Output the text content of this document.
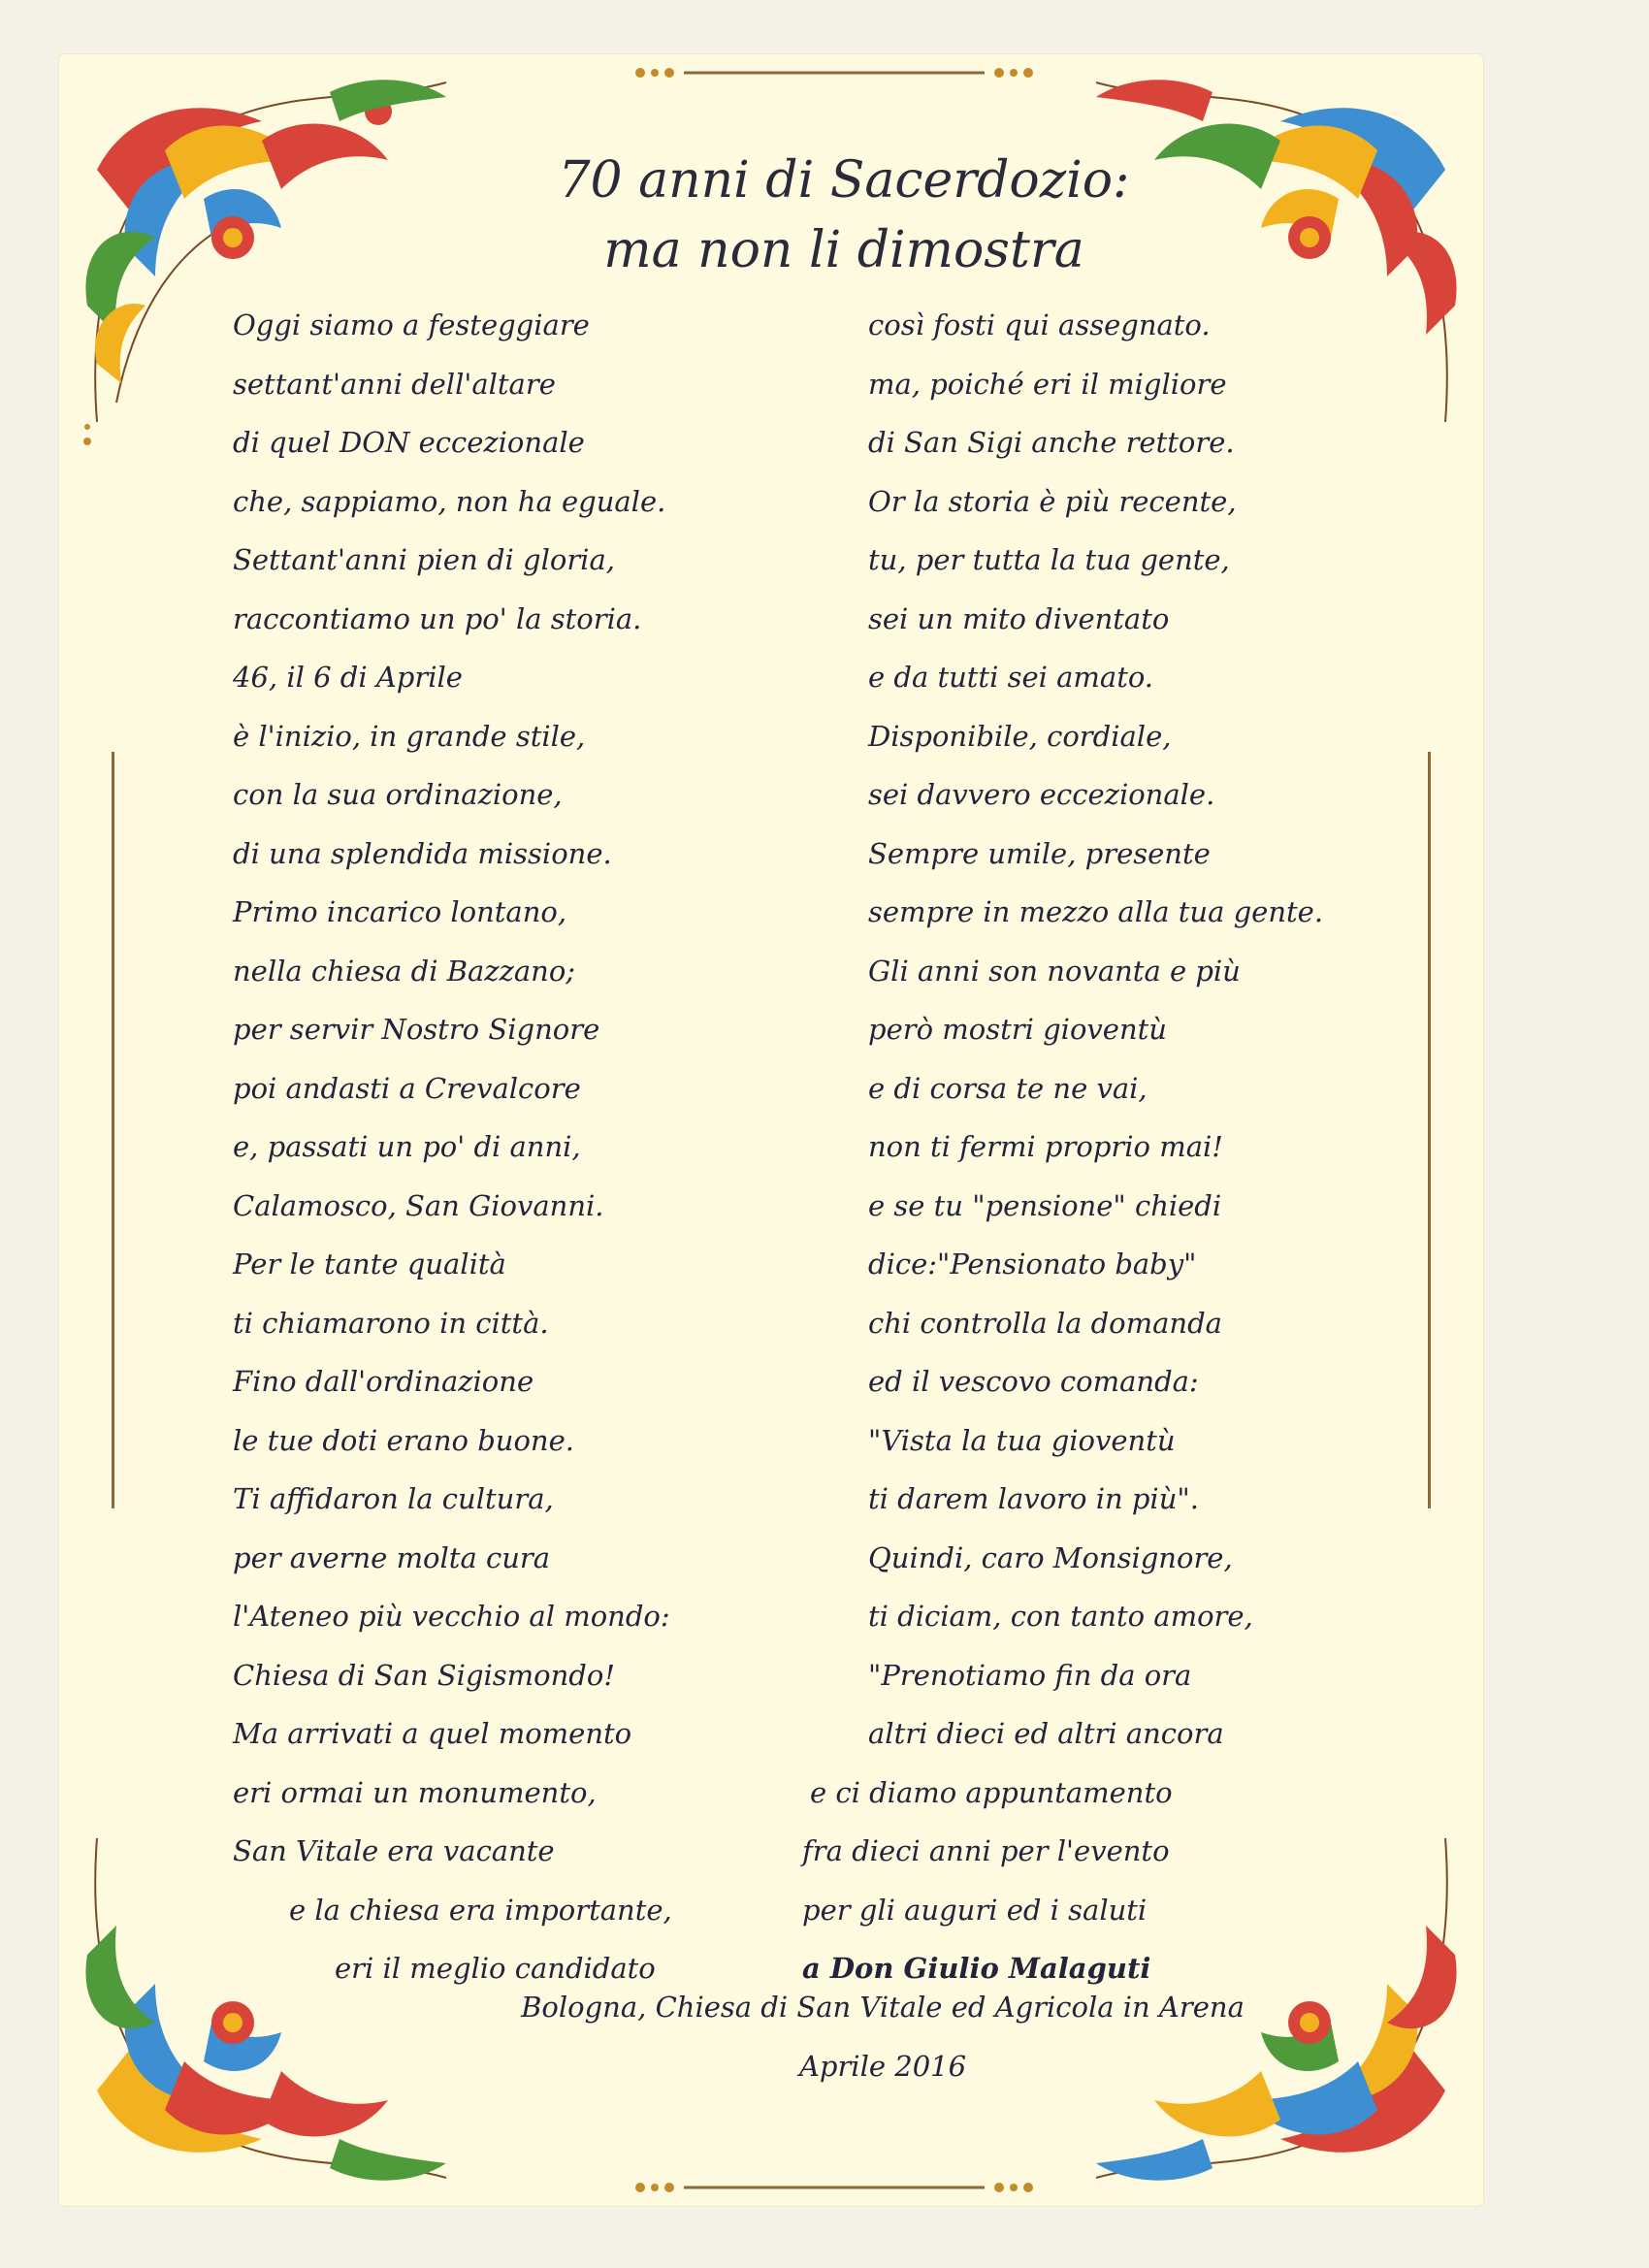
70 anni di Sacerdozio:
ma non li dimostra
Oggi siamo a festeggiare
settant'anni dell'altare
di quel DON eccezionale
che, sappiamo, non ha eguale.
Settant'anni pien di gloria,
raccontiamo un po' la storia.
46, il 6 di Aprile
è l'inizio, in grande stile,
con la sua ordinazione,
di una splendida missione.
Primo incarico lontano,
nella chiesa di Bazzano;
per servir Nostro Signore
poi andasti a Crevalcore
e, passati un po' di anni,
Calamosco, San Giovanni.
Per le tante qualità
ti chiamarono in città.
Fino dall'ordinazione
le tue doti erano buone.
Ti affidaron la cultura,
per averne molta cura
l'Ateneo più vecchio al mondo:
Chiesa di San Sigismondo!
Ma arrivati a quel momento
eri ormai un monumento,
San Vitale era vacante
e la chiesa era importante,
eri il meglio candidato
così fosti qui assegnato.
ma, poiché eri il migliore
di San Sigi anche rettore.
Or la storia è più recente,
tu, per tutta la tua gente,
sei un mito diventato
e da tutti sei amato.
Disponibile, cordiale,
sei davvero eccezionale.
Sempre umile, presente
sempre in mezzo alla tua gente.
Gli anni son novanta e più
però mostri gioventù
e di corsa te ne vai,
non ti fermi proprio mai!
e se tu "pensione" chiedi
dice:"Pensionato baby"
chi controlla la domanda
ed il vescovo comanda:
"Vista la tua gioventù
ti darem lavoro in più".
Quindi, caro Monsignore,
ti diciam, con tanto amore,
"Prenotiamo fin da ora
altri dieci ed altri ancora
e ci diamo appuntamento
fra dieci anni per l'evento
per gli auguri ed i saluti
a Don Giulio Malaguti
Bologna, Chiesa di San Vitale ed Agricola in Arena
Aprile 2016
